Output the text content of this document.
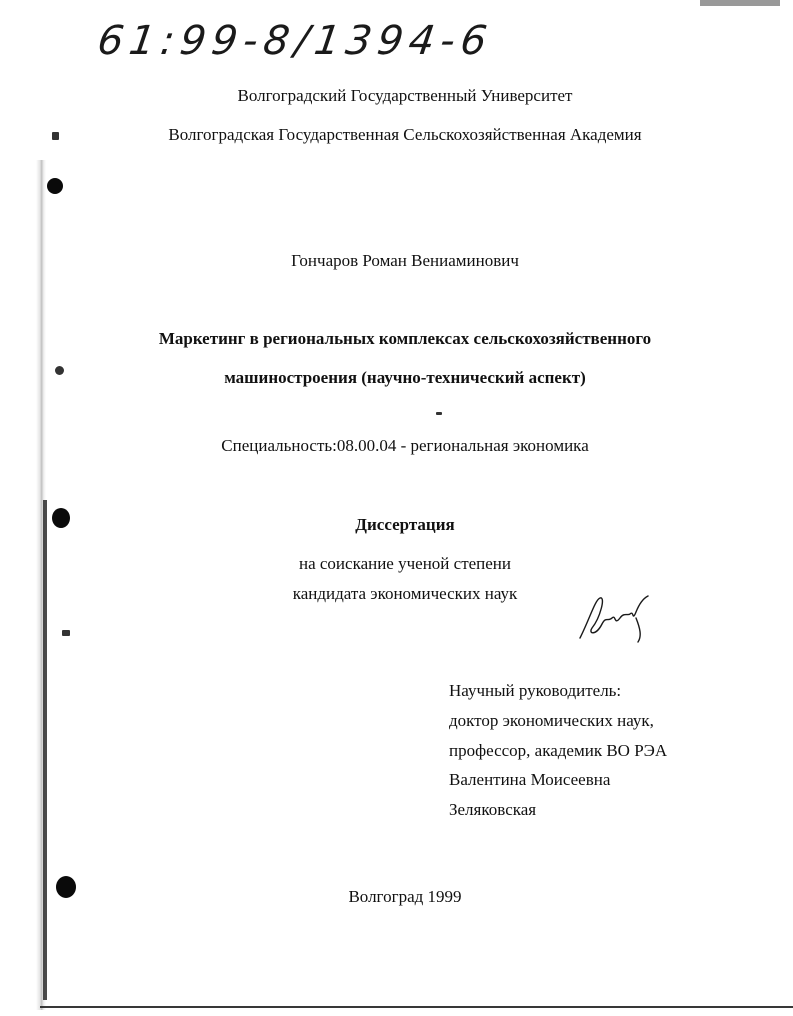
61:99-8/1394-6
Волгоградский Государственный Университет
Волгоградская Государственная Сельскохозяйственная Академия
Гончаров Роман Вениаминович
Маркетинг в региональных комплексах сельскохозяйственного
машиностроения (научно-технический аспект)
Специальность:08.00.04 - региональная экономика
Диссертация
на соискание ученой степени
кандидата экономических наук
Научный руководитель:
доктор экономических наук,
профессор, академик ВО РЭА
Валентина Моисеевна
Зеляковская
Волгоград 1999
